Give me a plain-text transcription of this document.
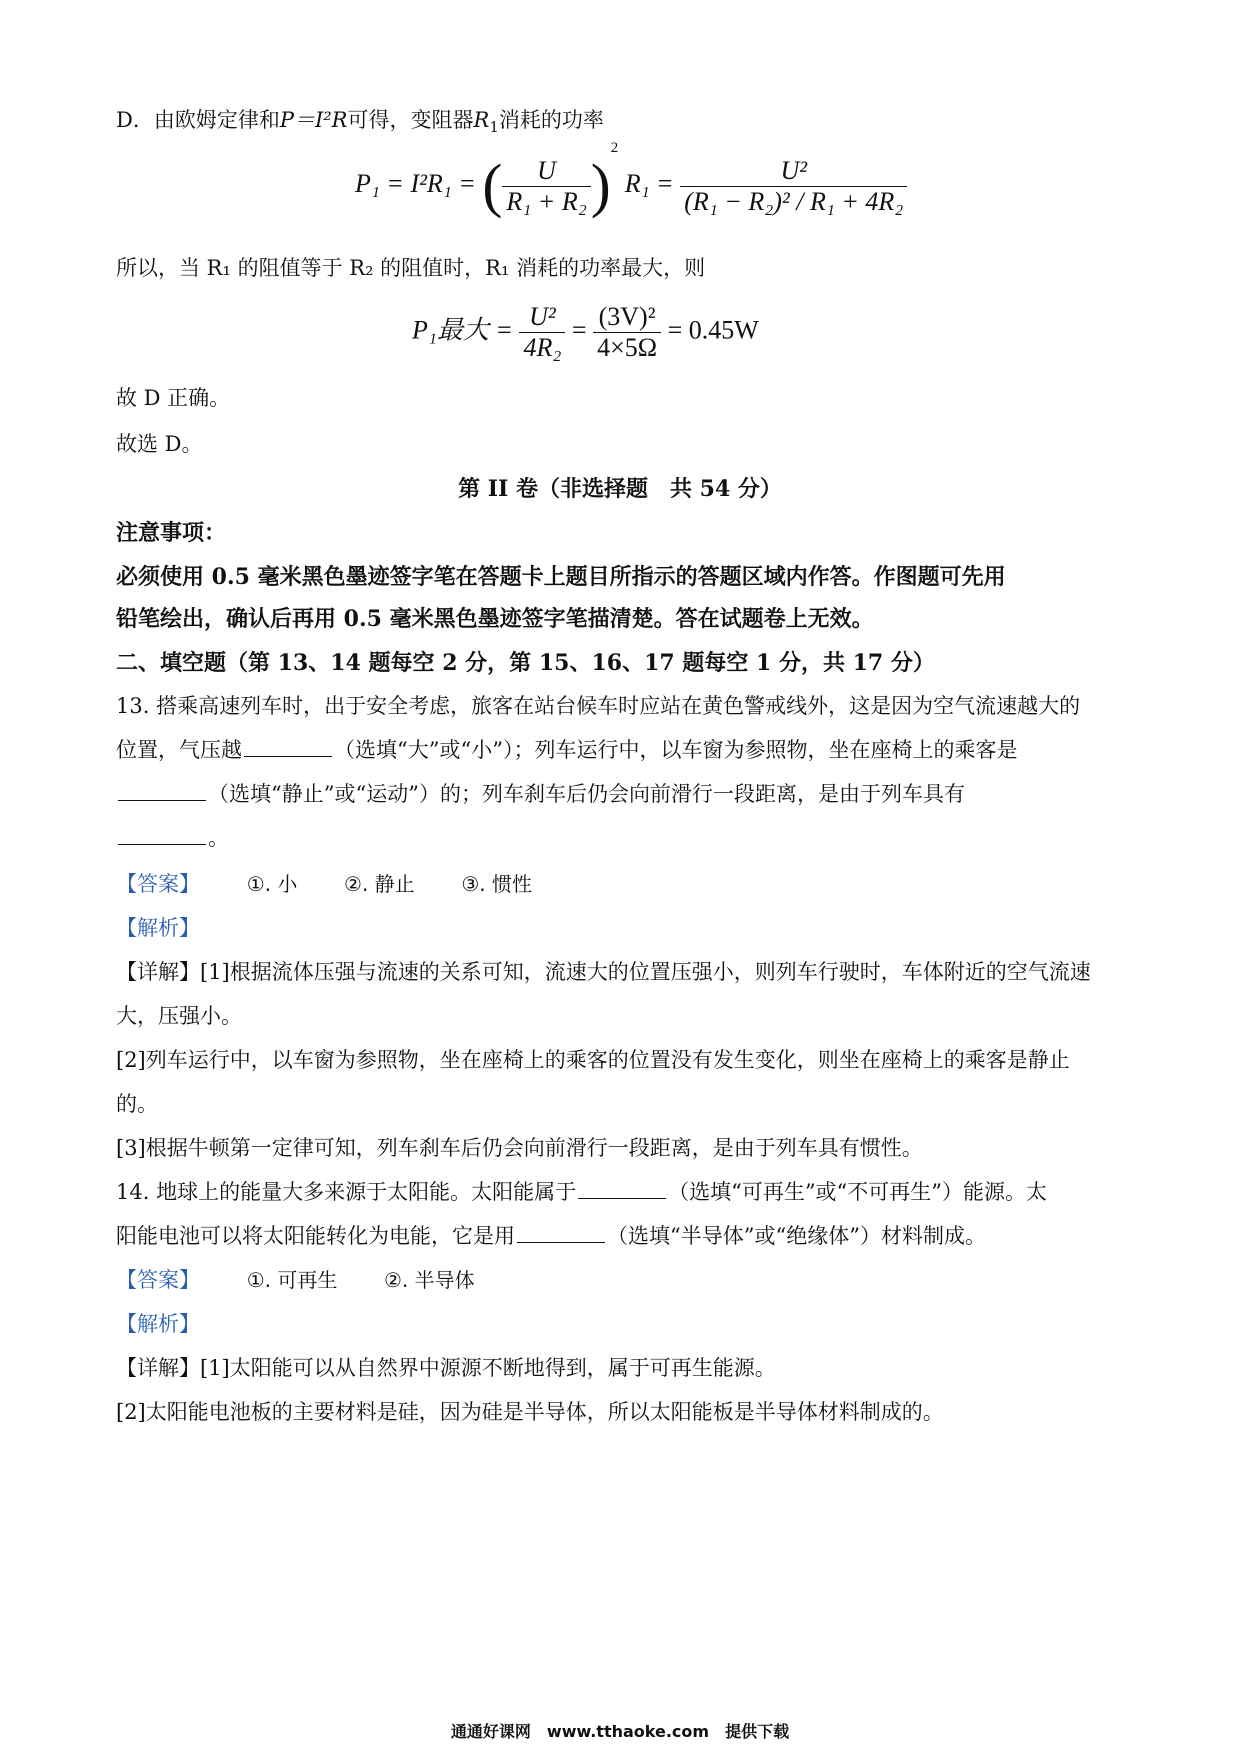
D．由欧姆定律和P＝I²R可得，变阻器$R_1$消耗的功率
P₁ = I²R₁ = ( $\frac{U}{\text{R₁ + R₂}} )^2$ $R_1 = \frac{\text{U²}}{\text{(R₁ − R₂)² / R₁ + 4R₂}}$
所以，当 R₁ 的阻值等于 R₂ 的阻值时，R₁ 消耗的功率最大，则
P₁最大 = $\frac{\text{U²}}{\text{4R₂}} = \frac{\text{(3V)²}}{4\times 5\Omega} = 0.45W$
故 D 正确。
故选 D。
第 II 卷（非选择题　共 54 分）
注意事项：
必须使用 0.5 毫米黑色墨迹签字笔在答题卡上题目所指示的答题区域内作答。作图题可先用
铅笔绘出，确认后再用 0.5 毫米黑色墨迹签字笔描清楚。答在试题卷上无效。
二、填空题（第 13、14 题每空 2 分，第 15、16、17 题每空 1 分，共 17 分）
13. 搭乘高速列车时，出于安全考虑，旅客在站台候车时应站在黄色警戒线外，这是因为空气流速越大的
位置，气压越	（选填“大”或“小”）；列车运行中，以车窗为参照物，坐在座椅上的乘客是
（选填“静止”或“运动”）的；列车刹车后仍会向前滑行一段距离，是由于列车具有
。
【答案】 ①. 小 ②. 静止 ③. 惯性
【解析】
【详解】[1]根据流体压强与流速的关系可知，流速大的位置压强小，则列车行驶时，车体附近的空气流速
大，压强小。
[2]列车运行中，以车窗为参照物，坐在座椅上的乘客的位置没有发生变化，则坐在座椅上的乘客是静止
的。
[3]根据牛顿第一定律可知，列车刹车后仍会向前滑行一段距离，是由于列车具有惯性。
14. 地球上的能量大多来源于太阳能。太阳能属于	（选填“可再生”或“不可再生”）能源。太
阳能电池可以将太阳能转化为电能，它是用	（选填“半导体”或“绝缘体”）材料制成。
【答案】 ①. 可再生 ②. 半导体
【解析】
【详解】[1]太阳能可以从自然界中源源不断地得到，属于可再生能源。
[2]太阳能电池板的主要材料是硅，因为硅是半导体，所以太阳能板是半导体材料制成的。
通通好课网　www.tthaoke.com　提供下载
